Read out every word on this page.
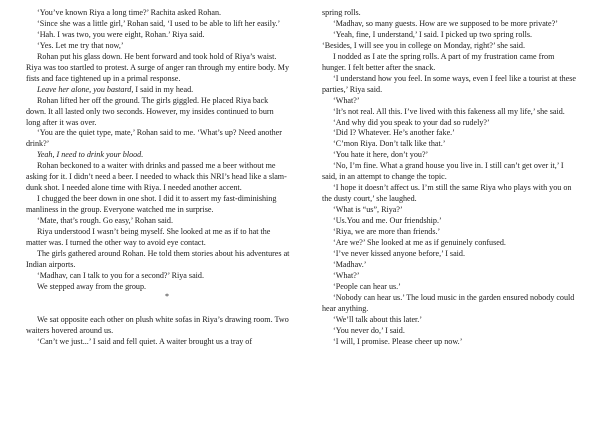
‘You’ve known Riya a long time?’ Rachita asked Rohan.

‘Since she was a little girl,’ Rohan said, ‘I used to be able to lift her easily.’

‘Hah. I was two, you were eight, Rohan.’ Riya said.

‘Yes. Let me try that now,’

Rohan put his glass down. He bent forward and took hold of Riya’s waist. Riya was too startled to protest. A surge of anger ran through my entire body. My fists and face tightened up in a primal response.

Leave her alone, you bastard, I said in my head.

Rohan lifted her off the ground. The girls giggled. He placed Riya back down. It all lasted only two seconds. However, my insides continued to burn long after it was over.

‘You are the quiet type, mate,’ Rohan said to me. ‘What’s up? Need another drink?’

Yeah, I need to drink your blood.

Rohan beckoned to a waiter with drinks and passed me a beer without me asking for it. I didn’t need a beer. I needed to whack this NRI’s head like a slam-dunk shot. I needed alone time with Riya. I needed another accent.

I chugged the beer down in one shot. I did it to assert my fast-diminishing manliness in the group. Everyone watched me in surprise.

‘Mate, that’s rough. Go easy,’ Rohan said.

Riya understood I wasn’t being myself. She looked at me as if to hat the matter was. I turned the other way to avoid eye contact.

The girls gathered around Rohan. He told them stories about his adventures at Indian airports.

‘Madhav, can I talk to you for a second?’ Riya said.

We stepped away from the group.

*

We sat opposite each other on plush white sofas in Riya’s drawing room. Two waiters hovered around us.

‘Can’t we just...’ I said and fell quiet. A waiter brought us a tray of

spring rolls.

‘Madhav, so many guests. How are we supposed to be more private?’

‘Yeah, fine, I understand,’ I said. I picked up two spring rolls.

‘Besides, I will see you in college on Monday, right?’ she said.

I nodded as I ate the spring rolls. A part of my frustration came from hunger. I felt better after the snack.

‘I understand how you feel. In some ways, even I feel like a tourist at these parties,’ Riya said.

‘What?’

‘It’s not real. All this. I’ve lived with this fakeness all my life,’ she said.

‘And why did you speak to your dad so rudely?’

‘Did I? Whatever. He’s another fake.’

‘C’mon Riya. Don’t talk like that.’

‘You hate it here, don’t you?’

‘No, I’m fine. What a grand house you live in. I still can’t get over it,’ I said, in an attempt to change the topic.

‘I hope it doesn’t affect us. I’m still the same Riya who plays with you on the dusty court,’ she laughed.

‘What is “us”, Riya?’

‘Us.You and me. Our friendship.’

‘Riya, we are more than friends.’

‘Are we?’ She looked at me as if genuinely confused.

‘I’ve never kissed anyone before,’ I said.

‘Madhav.’

‘What?’

‘People can hear us.’

‘Nobody can hear us.’ The loud music in the garden ensured nobody could hear anything.

‘We’ll talk about this later.’

‘You never do,’ I said.

‘I will, I promise. Please cheer up now.’
